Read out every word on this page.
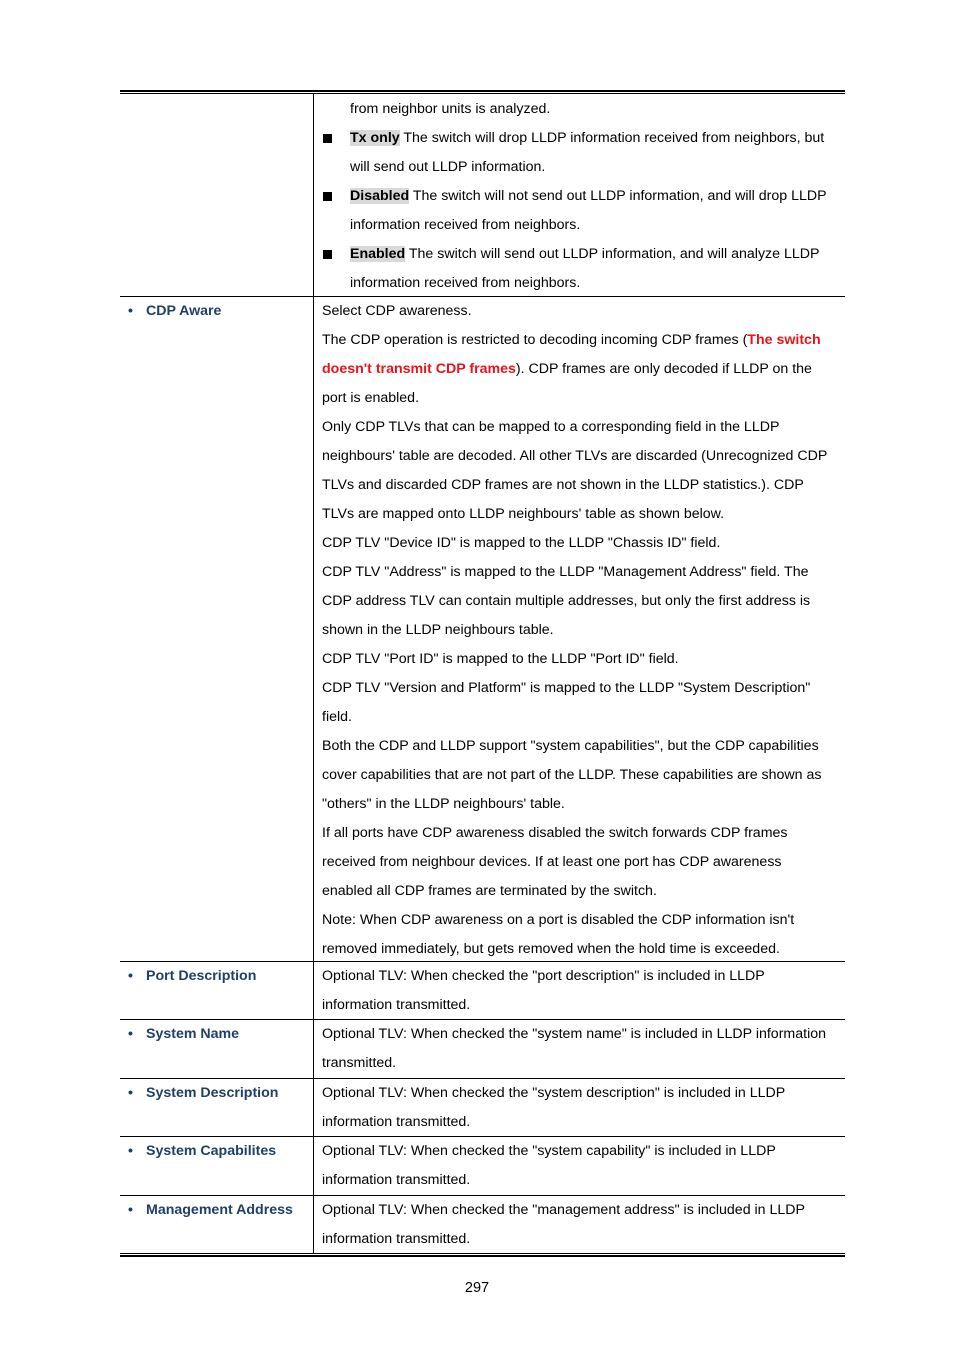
from neighbor units is analyzed.

Tx only The switch will drop LLDP information received from neighbors, but

will send out LLDP information.

Disabled The switch will not send out LLDP information, and will drop LLDP

information received from neighbors.

Enabled The switch will send out LLDP information, and will analyze LLDP

information received from neighbors.

• CDP Aware	Select CDP awareness.

The CDP operation is restricted to decoding incoming CDP frames (The switch

doesn't transmit CDP frames). CDP frames are only decoded if LLDP on the

port is enabled.

Only CDP TLVs that can be mapped to a corresponding field in the LLDP

neighbours' table are decoded. All other TLVs are discarded (Unrecognized CDP

TLVs and discarded CDP frames are not shown in the LLDP statistics.). CDP

TLVs are mapped onto LLDP neighbours' table as shown below.

CDP TLV "Device ID" is mapped to the LLDP "Chassis ID" field.

CDP TLV "Address" is mapped to the LLDP "Management Address" field. The

CDP address TLV can contain multiple addresses, but only the first address is

shown in the LLDP neighbours table.

CDP TLV "Port ID" is mapped to the LLDP "Port ID" field.

CDP TLV "Version and Platform" is mapped to the LLDP "System Description"

field.

Both the CDP and LLDP support "system capabilities", but the CDP capabilities

cover capabilities that are not part of the LLDP. These capabilities are shown as

"others" in the LLDP neighbours' table.

If all ports have CDP awareness disabled the switch forwards CDP frames

received from neighbour devices. If at least one port has CDP awareness

enabled all CDP frames are terminated by the switch.

Note: When CDP awareness on a port is disabled the CDP information isn't

removed immediately, but gets removed when the hold time is exceeded.

• Port Description	Optional TLV: When checked the "port description" is included in LLDP

information transmitted.

• System Name	Optional TLV: When checked the "system name" is included in LLDP information

transmitted.

• System Description	Optional TLV: When checked the "system description" is included in LLDP

information transmitted.

• System Capabilites	Optional TLV: When checked the "system capability" is included in LLDP

information transmitted.

• Management Address	Optional TLV: When checked the "management address" is included in LLDP

information transmitted.

297
